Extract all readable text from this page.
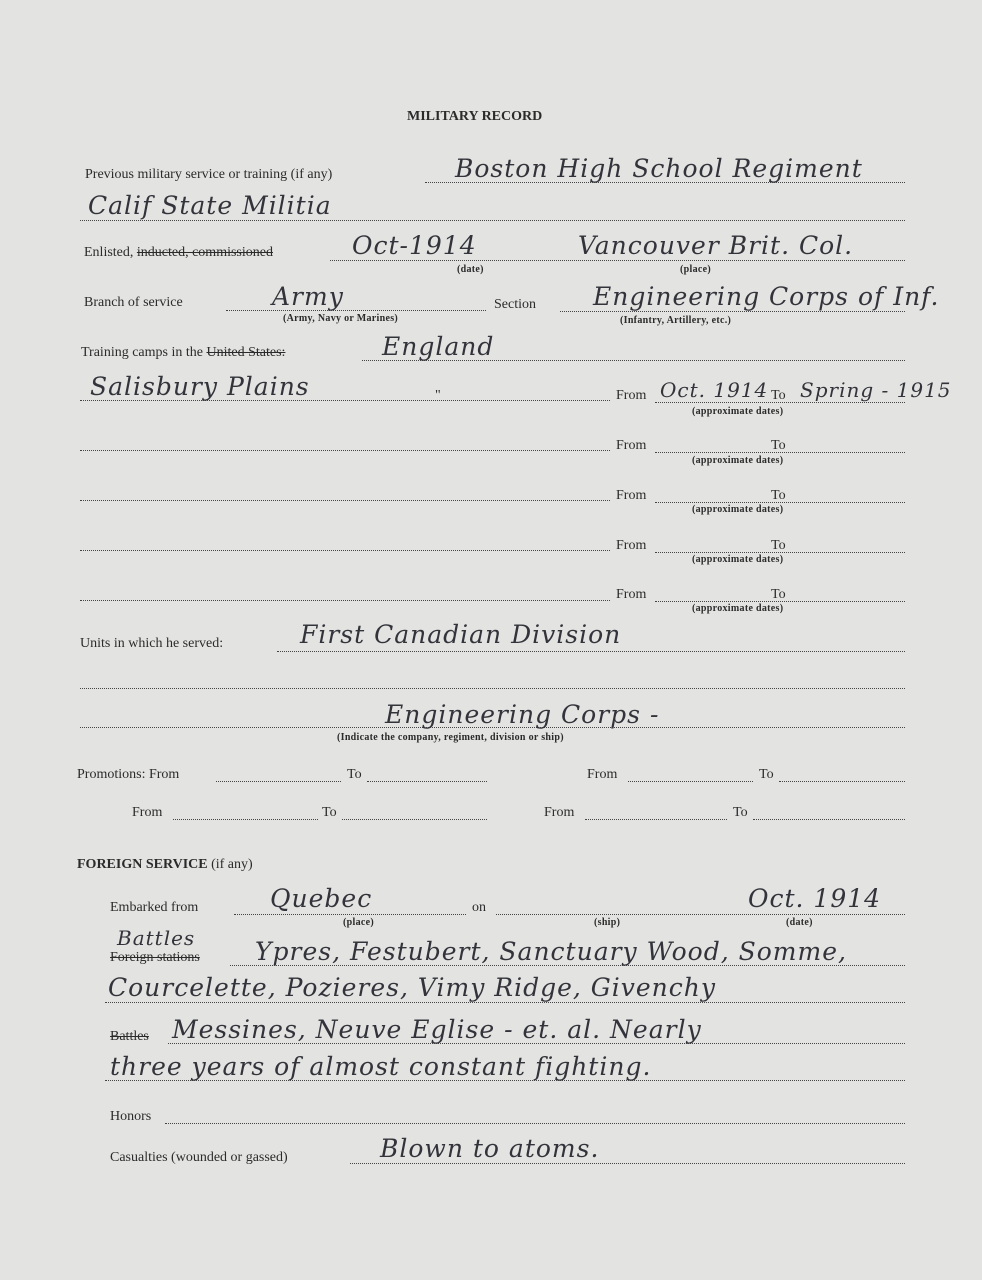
MILITARY RECORD
Previous military service or training (if any)	Boston High School Regiment
Calif State Militia
Enlisted, inducted, commissioned	Oct-1914	Vancouver Brit. Col.
(date)	(place)
Branch of service	Army
(Army, Navy or Marines)
Section Engineering Corps of Inf.
(Infantry, Artillery, etc.)
Training camps in the United States:	England
Salisbury Plains	"	From Oct. 1914 To Spring - 1915
(approximate dates)
From	To
(approximate dates)
From	To
(approximate dates)
From	To
(approximate dates)
From	To
(approximate dates)
Units in which he served:	First Canadian Division
Engineering Corps -
(Indicate the company, regiment, division or ship)
Promotions: From	To	From	To
From	To	From	To
FOREIGN SERVICE (if any)
Embarked from	Quebec	on	Oct. 1914
(place)	(ship)	(date)
Battles
Foreign stations Ypres, Festubert, Sanctuary Wood, Somme,
Courcelette, Pozieres, Vimy Ridge, Givenchy
Battles Messines, Neuve Eglise - et. al. Nearly
three years of almost constant fighting.
Honors
Casualties (wounded or gassed)	Blown to atoms.
